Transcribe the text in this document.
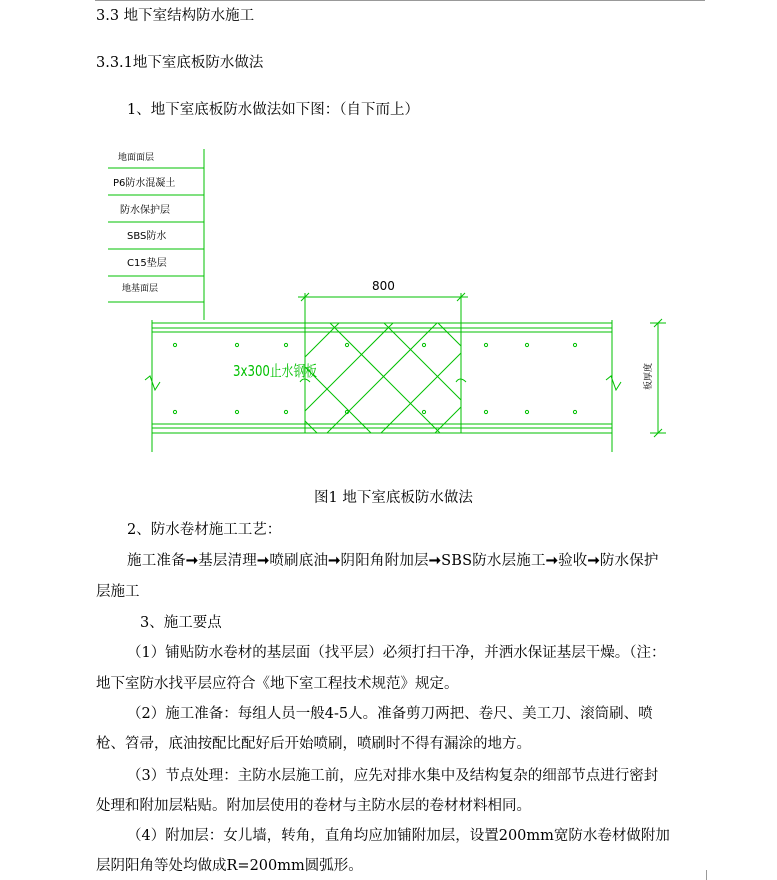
3.3 地下室结构防水施工
3.3.1地下室底板防水做法
1、地下室底板防水做法如下图：（自下而上）
地面面层
P6防水混凝土
防水保护层
SBS防水
C15垫层
地基面层	800
板厚度
3x300止水钢板
图1 地下室底板防水做法
2、防水卷材施工工艺：
施工准备➞基层清理➞喷刷底油➞阴阳角附加层➞SBS防水层施工➞验收➞防水保护
层施工
3、施工要点
（1）铺贴防水卷材的基层面（找平层）必须打扫干净，并洒水保证基层干燥。（注：
地下室防水找平层应符合《地下室工程技术规范》规定。
（2）施工准备：每组人员一般4-5人。准备剪刀两把、卷尺、美工刀、滚筒刷、喷
枪、笤帚，底油按配比配好后开始喷刷，喷刷时不得有漏涂的地方。
（3）节点处理：主防水层施工前，应先对排水集中及结构复杂的细部节点进行密封
处理和附加层粘贴。附加层使用的卷材与主防水层的卷材材料相同。
（4）附加层：女儿墙，转角，直角均应加铺附加层，设置200mm宽防水卷材做附加
层阴阳角等处均做成R=200mm圆弧形。
